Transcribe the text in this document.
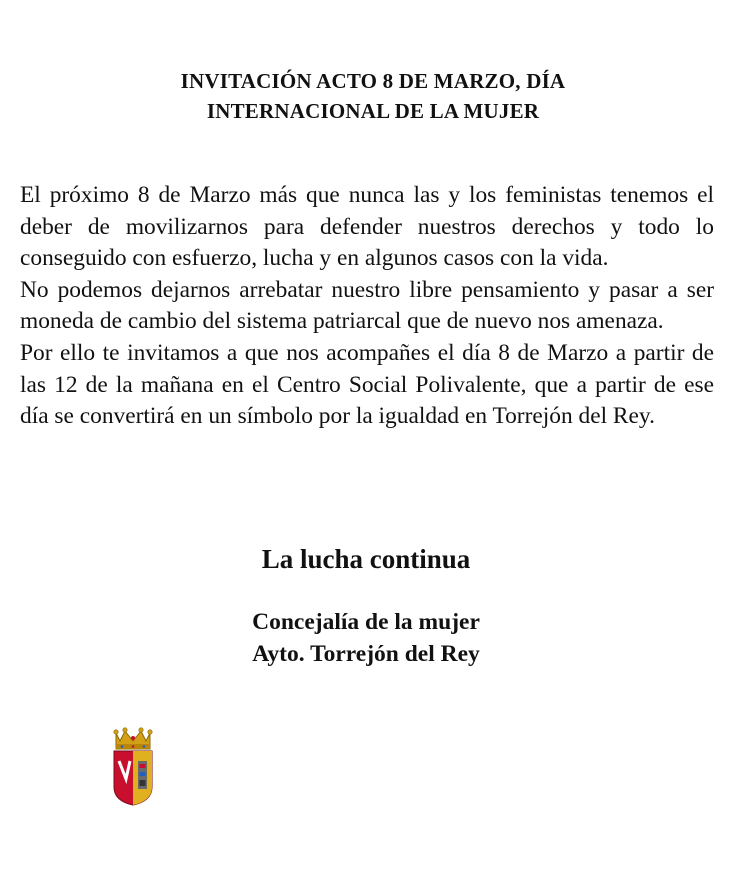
INVITACIÓN ACTO 8 DE MARZO, DÍA
INTERNACIONAL DE LA MUJER

El próximo 8 de Marzo más que nunca las y los feministas tenemos el deber de movilizarnos para defender nuestros derechos y todo lo conseguido con esfuerzo, lucha y en algunos casos con la vida.

No podemos dejarnos arrebatar nuestro libre pensamiento y pasar a ser moneda de cambio del sistema patriarcal que de nuevo nos amenaza.

Por ello te invitamos a que nos acompañes el día 8 de Marzo a partir de las 12 de la mañana en el Centro Social Polivalente, que a partir de ese día se convertirá en un símbolo por la igualdad en Torrejón del Rey.

La lucha continua
Concejalía de la mujer
Ayto. Torrejón del Rey
